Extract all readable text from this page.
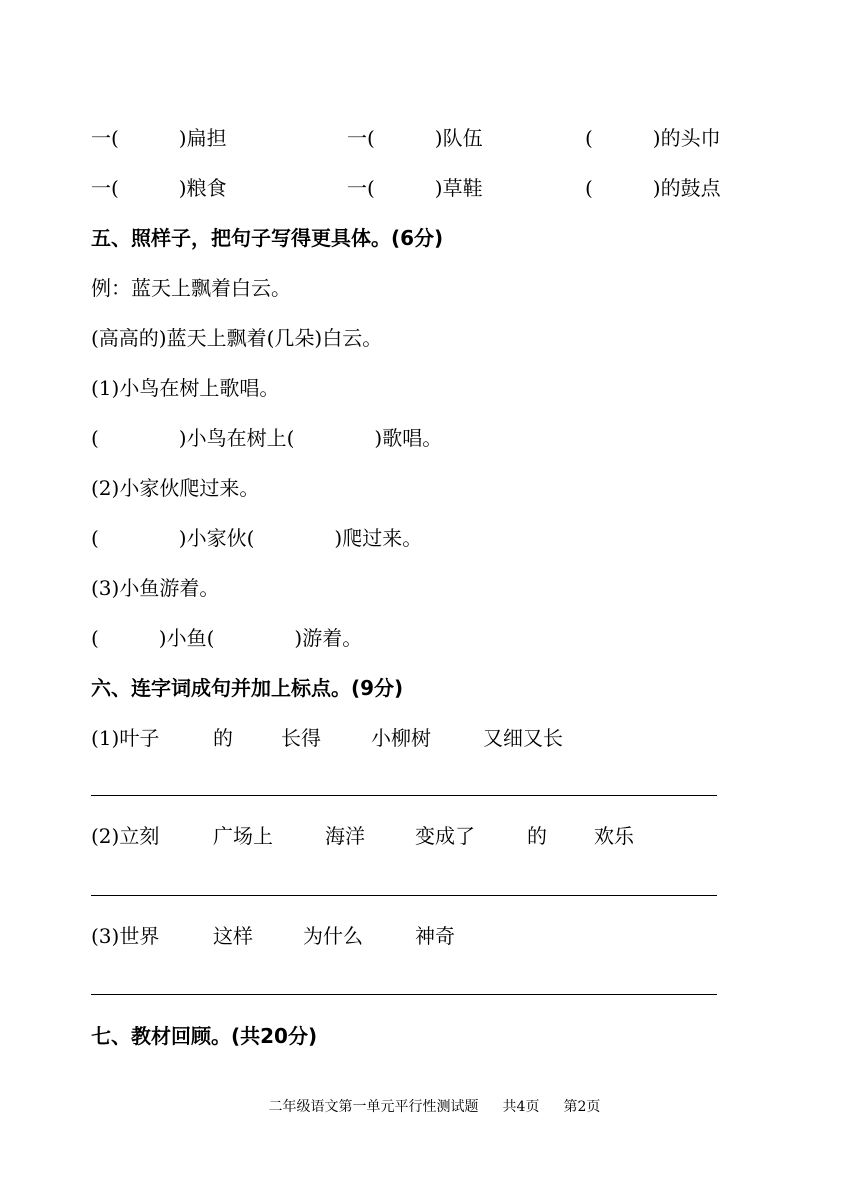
一(　　　)扁担	一(　　　)队伍	(　　　)的头巾
一(　　　)粮食	一(　　　)草鞋	(　　　)的鼓点
五、照样子，把句子写得更具体。(6分)
例：蓝天上飘着白云。
(高高的)蓝天上飘着(几朵)白云。
(1)小鸟在树上歌唱。
(　　　　)小鸟在树上(　　　　)歌唱。
(2)小家伙爬过来。
(　　　　)小家伙(　　　　)爬过来。
(3)小鱼游着。
(　　　)小鱼(　　　　)游着。
六、连字词成句并加上标点。(9分)
(1)叶子	的 长得	小柳树	又细又长
(2)立刻	广场上	海洋	变成了	的 欢乐
(3)世界	这样	为什么	神奇
七、教材回顾。(共20分)

二年级语文第一单元平行性测试题 共4页 第2页
